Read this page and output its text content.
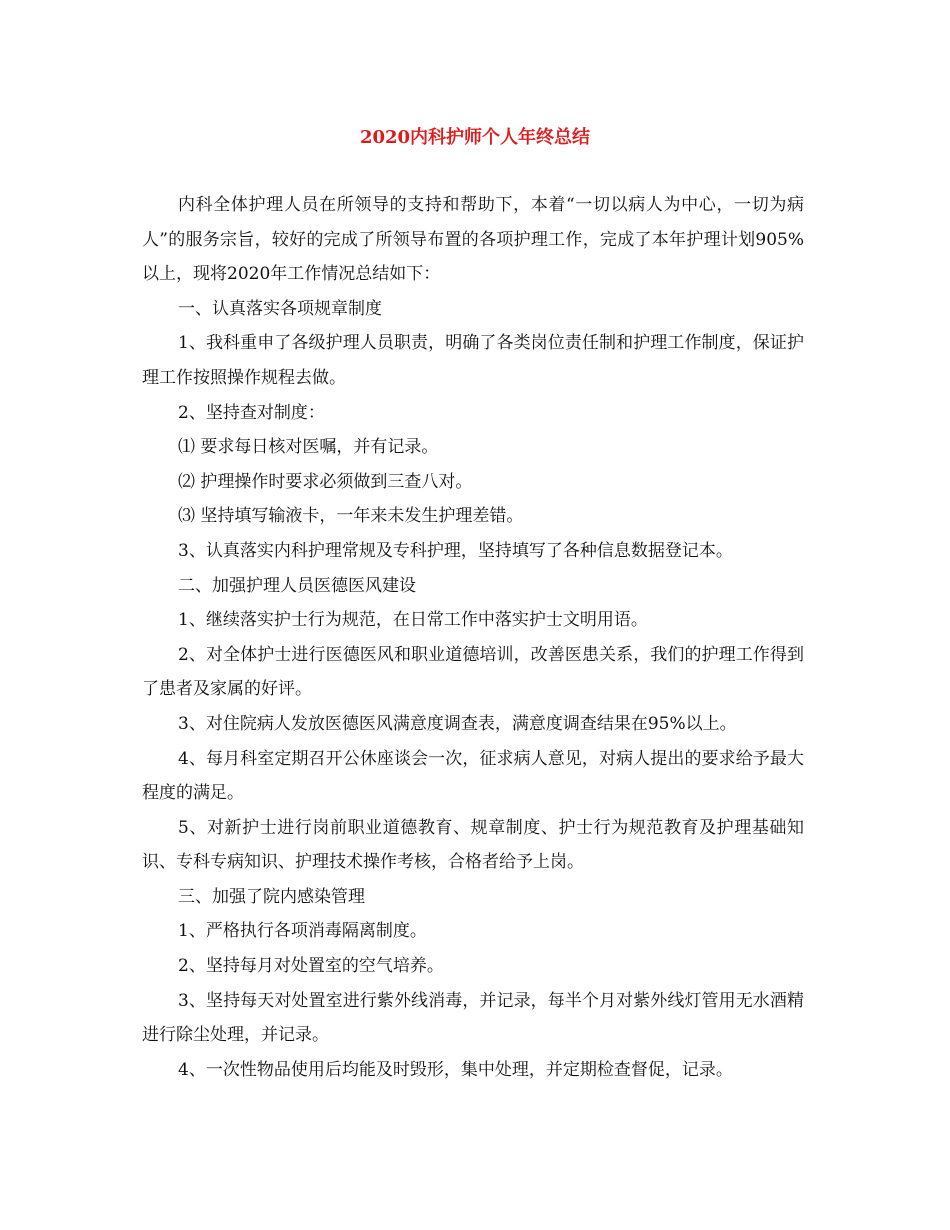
2020内科护师个人年终总结

内科全体护理人员在所领导的支持和帮助下，本着“一切以病人为中心，一切为病人”的服务宗旨，较好的完成了所领导布置的各项护理工作，完成了本年护理计划905%以上，现将2020年工作情况总结如下：

一、认真落实各项规章制度

1、我科重申了各级护理人员职责，明确了各类岗位责任制和护理工作制度，保证护理工作按照操作规程去做。

2、坚持查对制度：

⑴ 要求每日核对医嘱，并有记录。

⑵ 护理操作时要求必须做到三查八对。

⑶ 坚持填写输液卡，一年来未发生护理差错。

3、认真落实内科护理常规及专科护理，坚持填写了各种信息数据登记本。

二、加强护理人员医德医风建设

1、继续落实护士行为规范，在日常工作中落实护士文明用语。

2、对全体护士进行医德医风和职业道德培训，改善医患关系，我们的护理工作得到了患者及家属的好评。

3、对住院病人发放医德医风满意度调查表，满意度调查结果在95%以上。

4、每月科室定期召开公休座谈会一次，征求病人意见，对病人提出的要求给予最大程度的满足。

5、对新护士进行岗前职业道德教育、规章制度、护士行为规范教育及护理基础知识、专科专病知识、护理技术操作考核，合格者给予上岗。

三、加强了院内感染管理

1、严格执行各项消毒隔离制度。

2、坚持每月对处置室的空气培养。

3、坚持每天对处置室进行紫外线消毒，并记录，每半个月对紫外线灯管用无水酒精进行除尘处理，并记录。

4、一次性物品使用后均能及时毁形，集中处理，并定期检查督促，记录。
